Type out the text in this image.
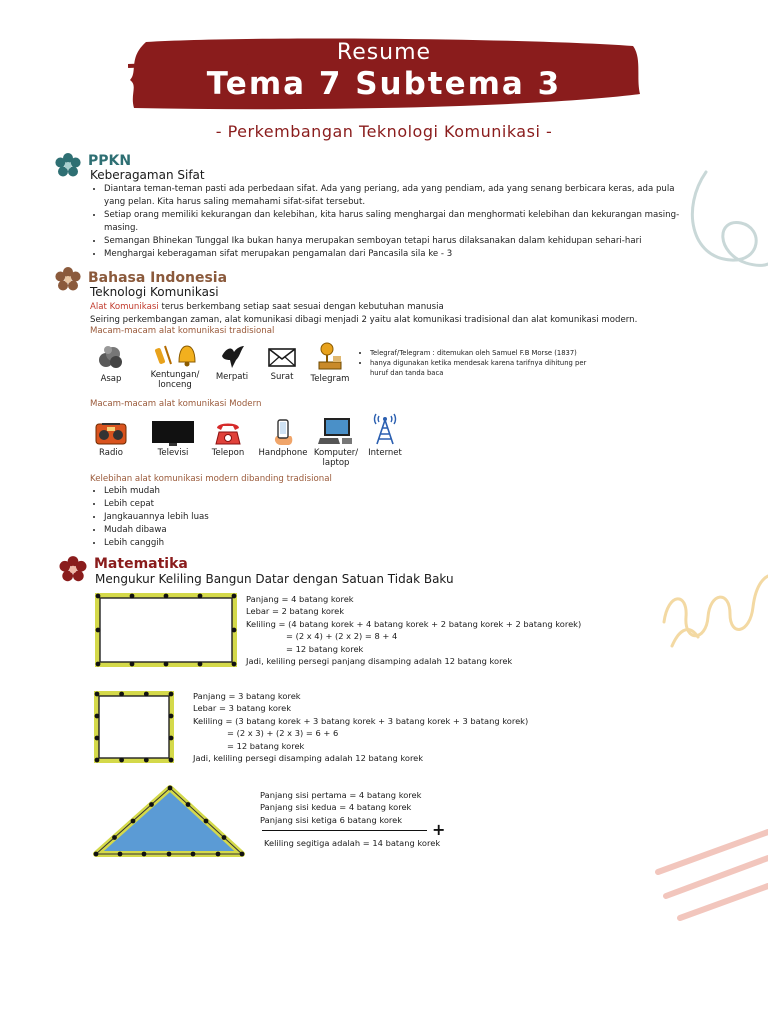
Resume
Tema 7 Subtema 3
- Perkembangan Teknologi Komunikasi -
PPKN
Keberagaman Sifat
• Diantara teman-teman pasti ada perbedaan sifat. Ada yang periang, ada yang pendiam, ada yang senang berbicara keras, ada pula yang pelan. Kita harus saling memahami sifat-sifat tersebut.
• Setiap orang memiliki kekurangan dan kelebihan, kita harus saling menghargai dan menghormati kelebihan dan kekurangan masing-masing.
• Semangan Bhinekan Tunggal Ika bukan hanya merupakan semboyan tetapi harus dilaksanakan dalam kehidupan sehari-hari
• Menghargai keberagaman sifat merupakan pengamalan dari Pancasila sila ke - 3
Bahasa Indonesia
Teknologi Komunikasi
Alat Komunikasi terus berkembang setiap saat sesuai dengan kebutuhan manusia
Seiring perkembangan zaman, alat komunikasi dibagi menjadi 2 yaitu alat komunikasi tradisional dan alat komunikasi modern.
Macam-macam alat komunikasi tradisional
Asap	Kentungan/ lonceng
Merpati	Surat	Telegram
• Telegraf/Telegram : ditemukan oleh Samuel F.B Morse (1837)
• hanya digunakan ketika mendesak karena tarifnya dihitung per huruf dan tanda baca
Macam-macam alat komunikasi Modern
Radio	Televisi	Telepon	Handphone Komputer/ laptop
Internet
Kelebihan alat komunikasi modern dibanding tradisional
• Lebih mudah
• Lebih cepat
• Jangkauannya lebih luas
• Mudah dibawa
• Lebih canggih
Matematika
Mengukur Keliling Bangun Datar dengan Satuan Tidak Baku
Panjang = 4 batang korek
Lebar = 2 batang korek
Keliling = (4 batang korek + 4 batang korek + 2 batang korek + 2 batang korek)
= (2 x 4) + (2 x 2) = 8 + 4
= 12 batang korek
Jadi, keliling persegi panjang disamping adalah 12 batang korek
Panjang = 3 batang korek
Lebar = 3 batang korek
Keliling = (3 batang korek + 3 batang korek + 3 batang korek + 3 batang korek)
= (2 x 3) + (2 x 3) = 6 + 6
= 12 batang korek
Jadi, keliling persegi disamping adalah 12 batang korek
Panjang sisi pertama = 4 batang korek
Panjang sisi kedua = 4 batang korek
Panjang sisi ketiga 6 batang korek
+
Keliling segitiga adalah = 14 batang korek
